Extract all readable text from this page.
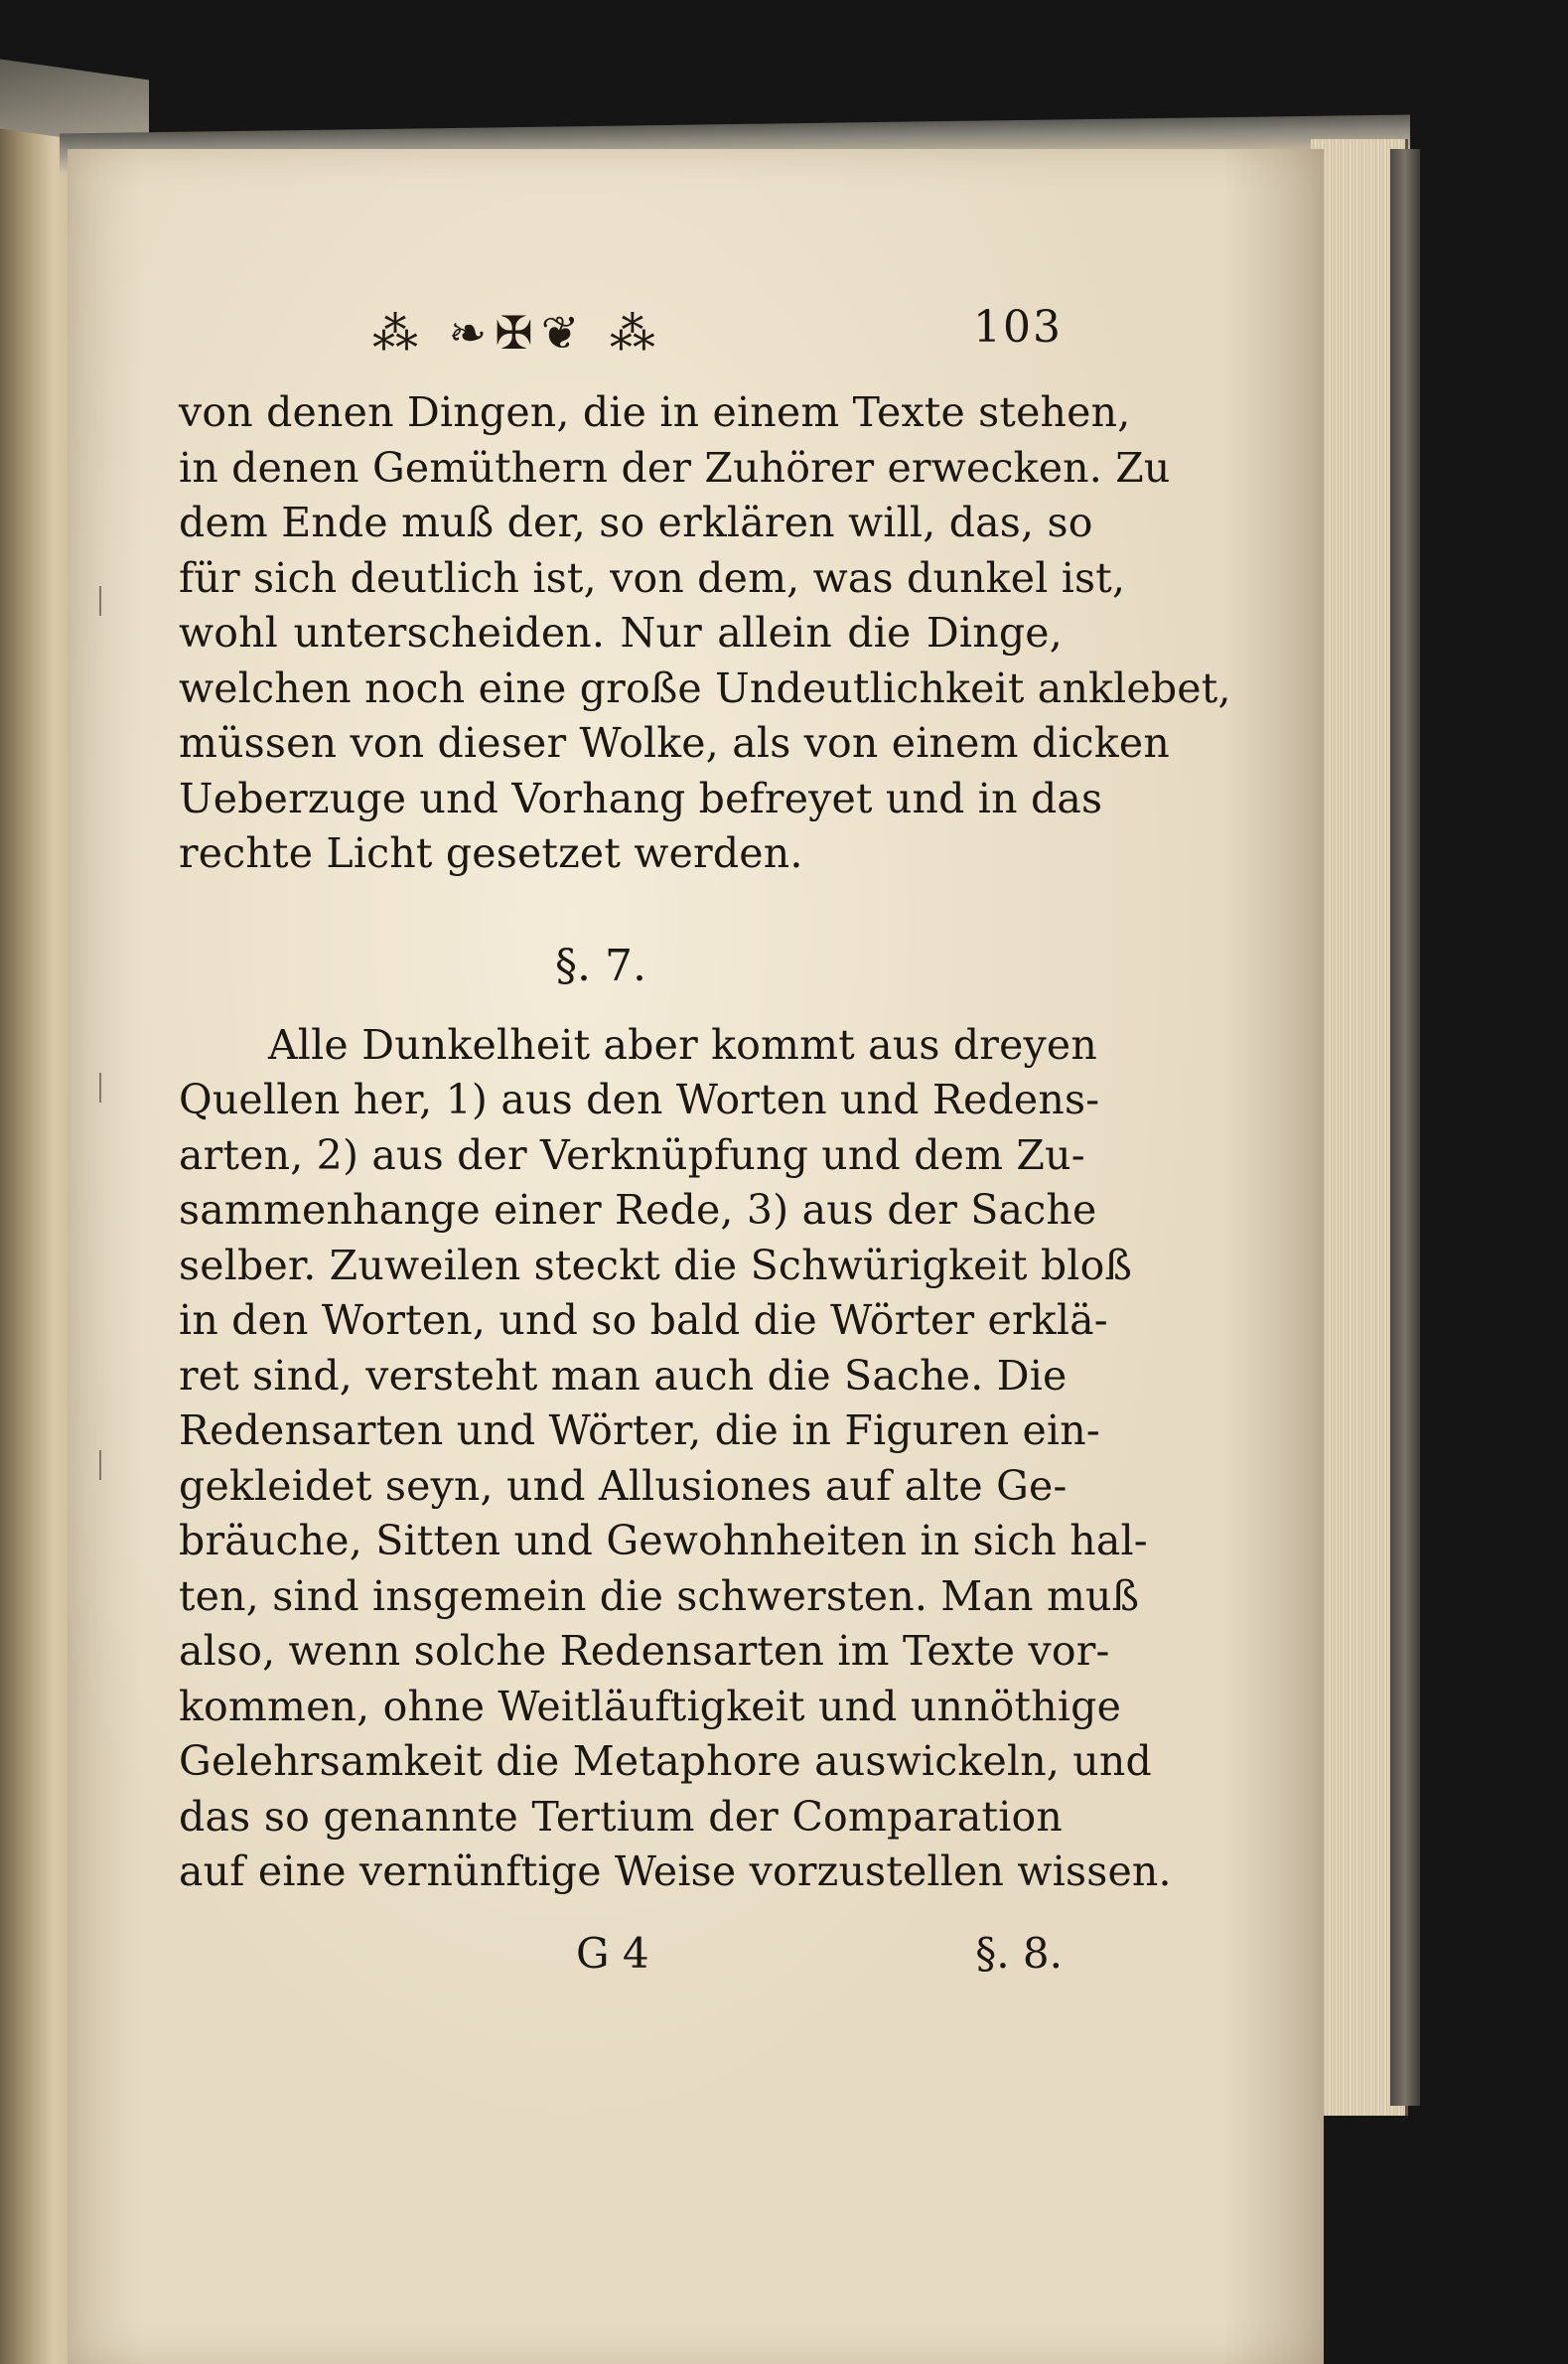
⁂ ❧✠❦ ⁂	103
von denen Dingen, die in einem Texte stehen,
in denen Gemüthern der Zuhörer erwecken. Zu
dem Ende muß der, so erklären will, das, so
für sich deutlich ist, von dem, was dunkel ist,
wohl unterscheiden. Nur allein die Dinge,
welchen noch eine große Undeutlichkeit anklebet,
müssen von dieser Wolke, als von einem dicken
Ueberzuge und Vorhang befreyet und in das
rechte Licht gesetzet werden.
§. 7.
Alle Dunkelheit aber kommt aus dreyen
Quellen her, 1) aus den Worten und Redens-
arten, 2) aus der Verknüpfung und dem Zu-
sammenhange einer Rede, 3) aus der Sache
selber. Zuweilen steckt die Schwürigkeit bloß
in den Worten, und so bald die Wörter erklä-
ret sind, versteht man auch die Sache. Die
Redensarten und Wörter, die in Figuren ein-
gekleidet seyn, und Allusiones auf alte Ge-
bräuche, Sitten und Gewohnheiten in sich hal-
ten, sind insgemein die schwersten. Man muß
also, wenn solche Redensarten im Texte vor-
kommen, ohne Weitläuftigkeit und unnöthige
Gelehrsamkeit die Metaphore auswickeln, und
das so genannte Tertium der Comparation
auf eine vernünftige Weise vorzustellen wissen.
G 4	§. 8.
